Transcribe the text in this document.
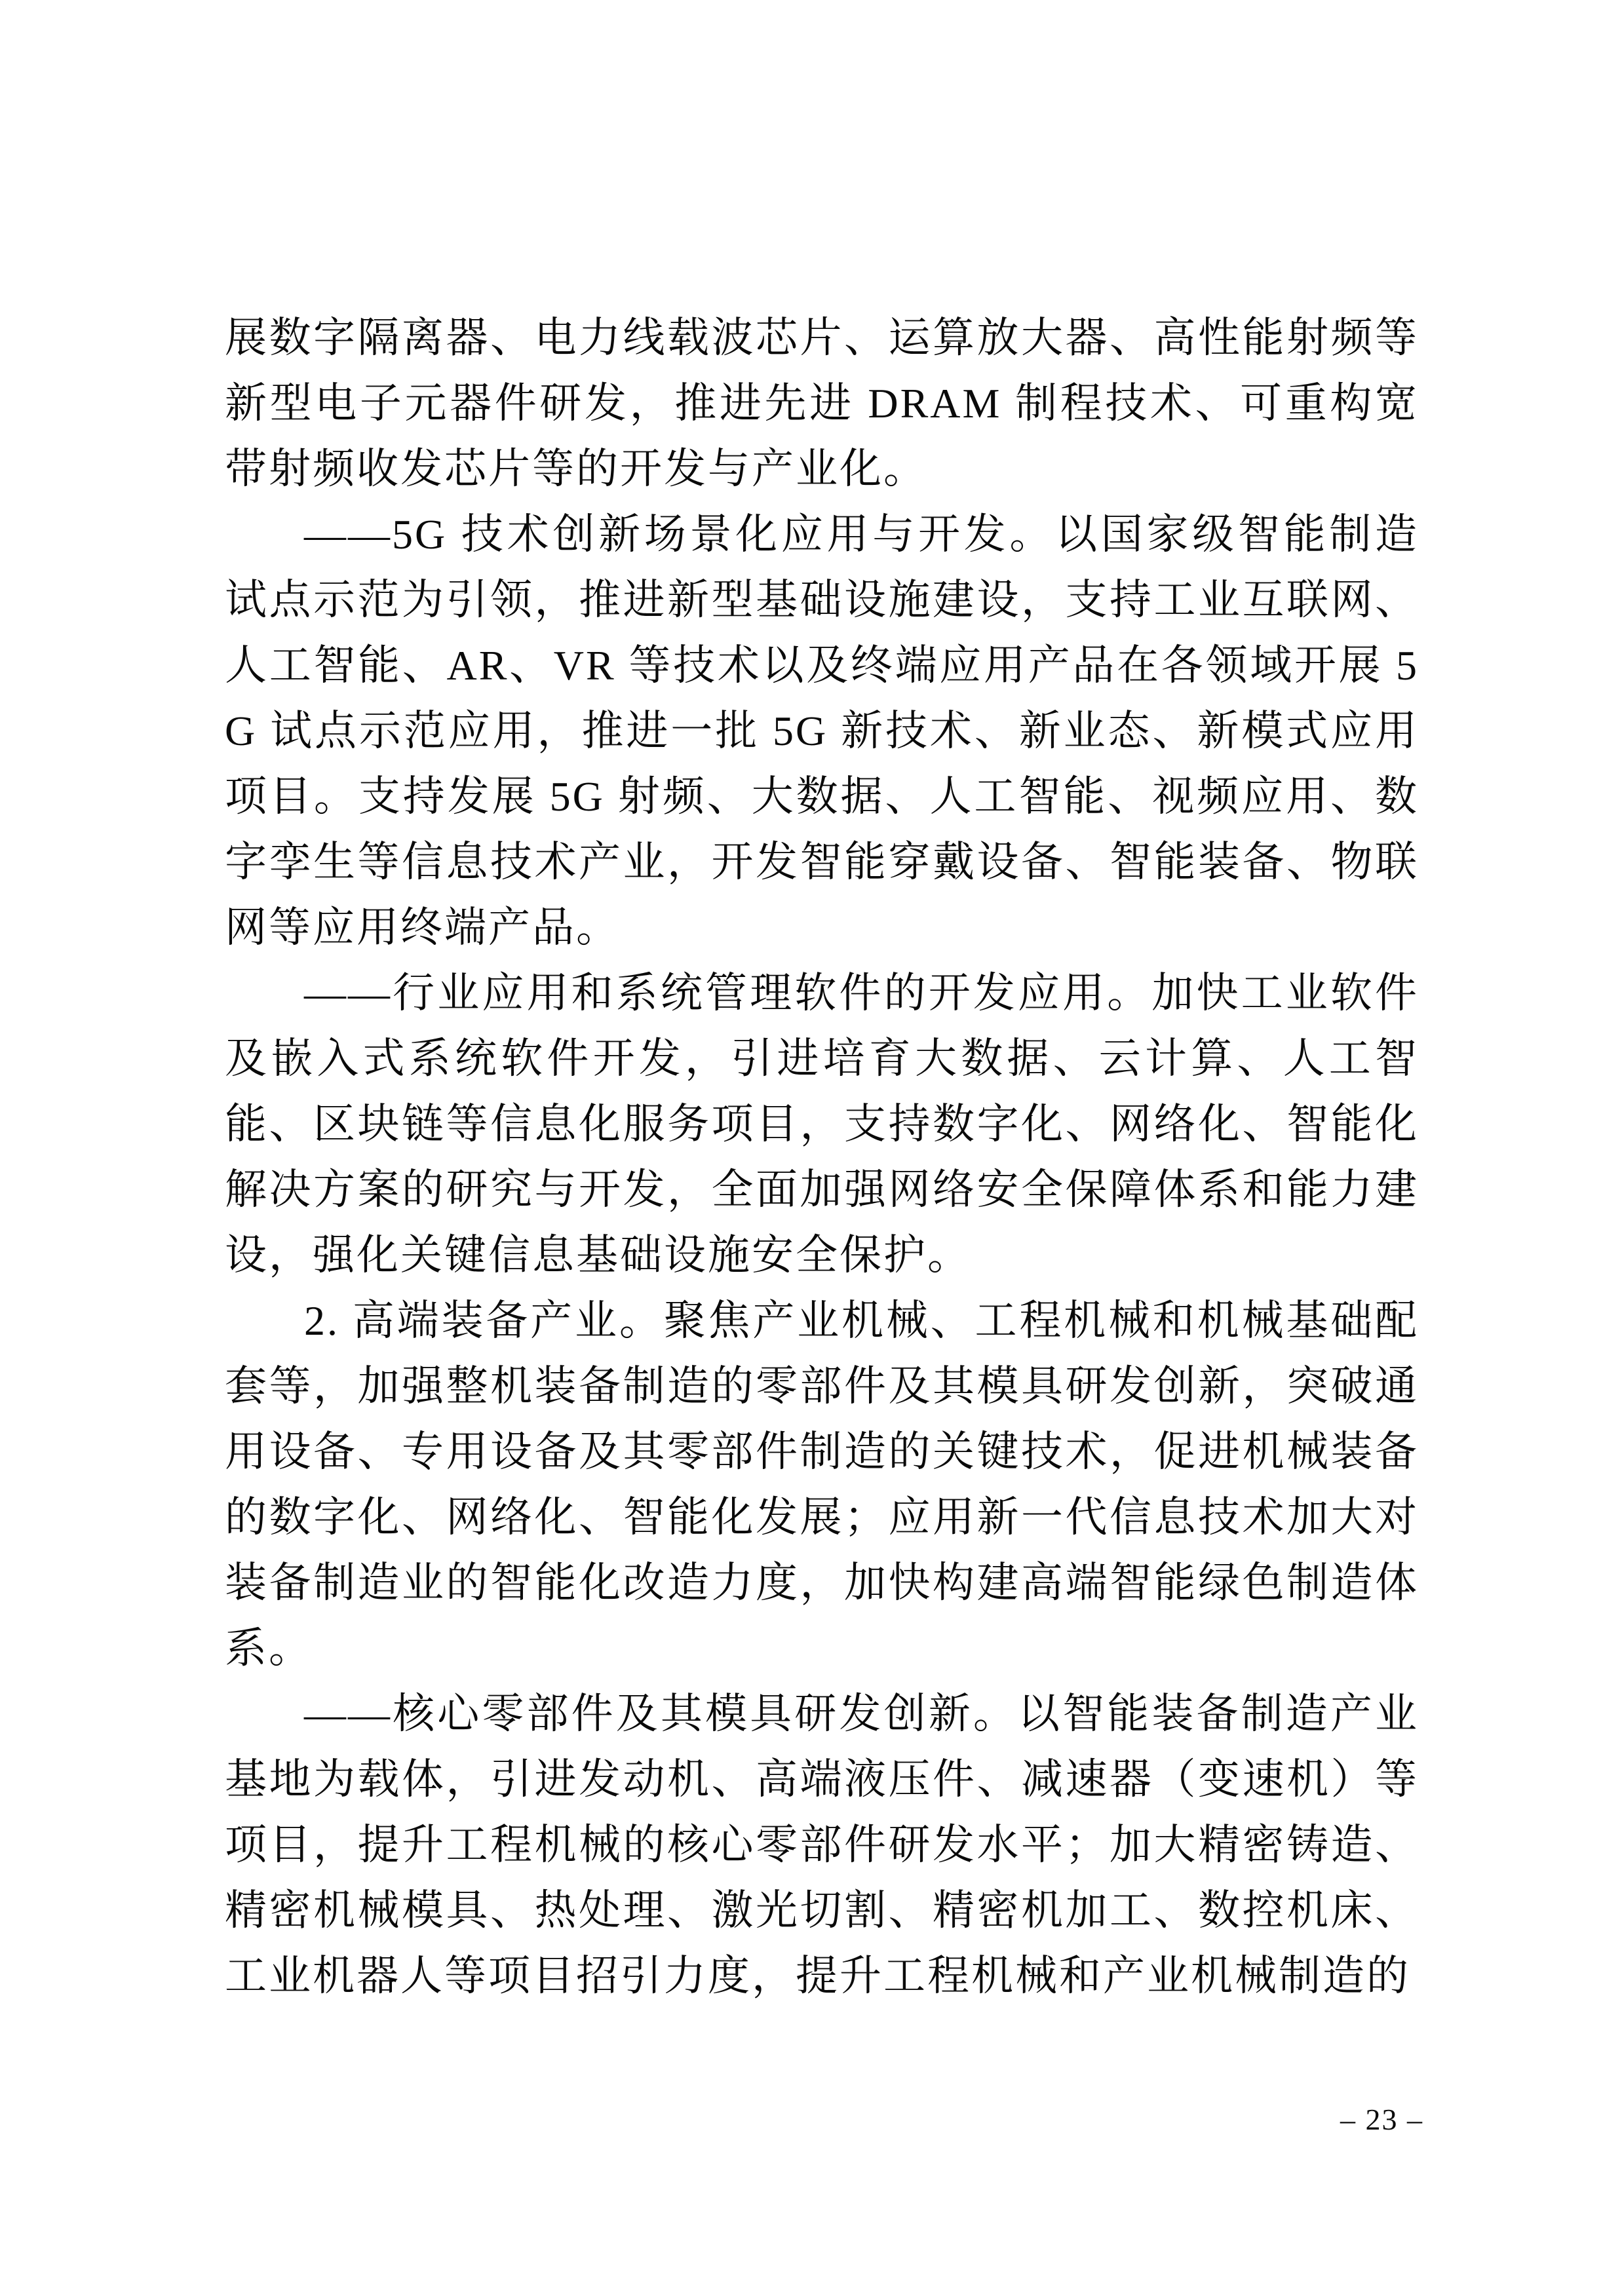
展数字隔离器、电力线载波芯片、运算放大器、高性能射频等新型电子元器件研发，推进先进 DRAM 制程技术、可重构宽带射频收发芯片等的开发与产业化。

——5G 技术创新场景化应用与开发。以国家级智能制造试点示范为引领，推进新型基础设施建设，支持工业互联网、人工智能、AR、VR 等技术以及终端应用产品在各领域开展 5G 试点示范应用，推进一批 5G 新技术、新业态、新模式应用项目。支持发展 5G 射频、大数据、人工智能、视频应用、数字孪生等信息技术产业，开发智能穿戴设备、智能装备、物联网等应用终端产品。

——行业应用和系统管理软件的开发应用。加快工业软件及嵌入式系统软件开发，引进培育大数据、云计算、人工智能、区块链等信息化服务项目，支持数字化、网络化、智能化解决方案的研究与开发，全面加强网络安全保障体系和能力建设，强化关键信息基础设施安全保护。

2. 高端装备产业。聚焦产业机械、工程机械和机械基础配套等，加强整机装备制造的零部件及其模具研发创新，突破通用设备、专用设备及其零部件制造的关键技术，促进机械装备的数字化、网络化、智能化发展；应用新一代信息技术加大对装备制造业的智能化改造力度，加快构建高端智能绿色制造体系。

——核心零部件及其模具研发创新。以智能装备制造产业基地为载体，引进发动机、高端液压件、减速器（变速机）等项目，提升工程机械的核心零部件研发水平；加大精密铸造、精密机械模具、热处理、激光切割、精密机加工、数控机床、工业机器人等项目招引力度，提升工程机械和产业机械制造的

– 23 –
